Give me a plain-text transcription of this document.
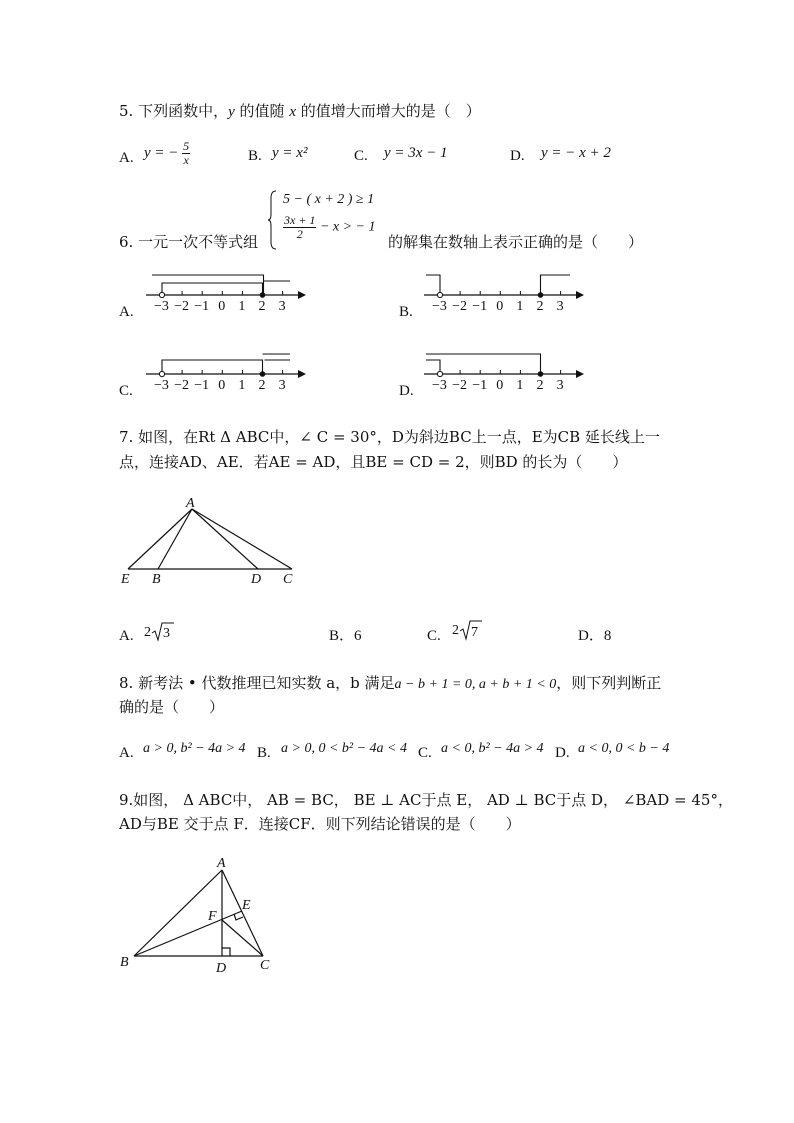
5. 下列函数中，y 的值随 x 的值增大而增大的是（　）
A. y = − $\frac{5}{x}$	B. y = x²	C. y = 3x − 1	D. y = − x + 2
6. 一元一次不等式组
5 − ( x + 2 ) ≥ 1
$\frac{3x + 1}{2} - x$ > − 1
的解集在数轴上表示正确的是（　　）
A. −3 −2 −1 0 1 2 3	B. −3 −2 −1 0 1 2 3
C. −3 −2 −1 0 1 2 3	D. −3 −2 −1 0 1 2 3
7. 如图，在Rt Δ ABC中，∠ C = 30°，D为斜边BC上一点，E为CB 延长线上一
点，连接AD、AE．若AE = AD，且BE = CD = 2，则BD 的长为（　　）
A
E B	D C
A. 2 3	B．6	C. 2 7	D．8
8. 新考法 • 代数推理已知实数 a，b 满足a − b + 1 = 0, a + b + 1 < 0，则下列判断正
确的是（　　）
A. a > 0, b² − 4a > 4 B. a > 0, 0 < b² − 4a < 4 C. a < 0, b² − 4a > 4 D. a < 0, 0 < b − 4
9.如图， Δ ABC中， AB = BC， BE ⊥ AC于点 E， AD ⊥ BC于点 D， ∠BAD = 45°，
AD与BE 交于点 F．连接CF．则下列结论错误的是（　　）
A
E
F
B	D C
